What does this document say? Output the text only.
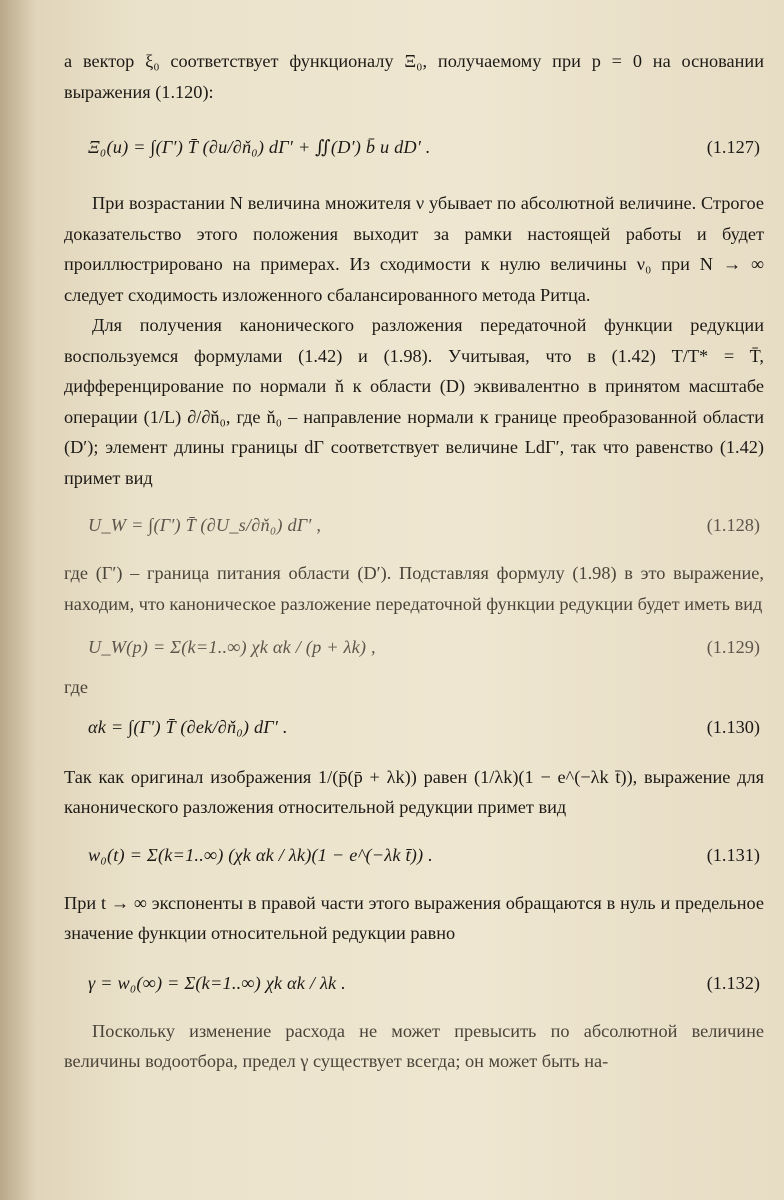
а вектор ξ₀ соответствует функционалу Ξ₀, получаемому при p = 0 на основании выражения (1.120):

Ξ₀(u) = ∫(Γ′) T̄ (∂u/∂ň₀) dΓ′ + ∬(D′) b̄ u dD′ .	(1.127)

При возрастании N величина множителя ν убывает по абсолютной величине. Строгое доказательство этого положения выходит за рамки настоящей работы и будет проиллюстрировано на примерах. Из сходимости к нулю величины ν₀ при N → ∞ следует сходимость изложенного сбалансированного метода Ритца.

Для получения канонического разложения передаточной функции редукции воспользуемся формулами (1.42) и (1.98). Учитывая, что в (1.42) T/T* = T̄, дифференцирование по нормали ň к области (D) эквивалентно в принятом масштабе операции (1/L) ∂/∂ň₀, где ň₀ – направление нормали к границе преобразованной области (D′); элемент длины границы dΓ соответствует величине LdΓ′, так что равенство (1.42) примет вид

U_W = ∫(Γ′) T̄ (∂U_s/∂ň₀) dΓ′ ,	(1.128)

где (Γ′) – граница питания области (D′). Подставляя формулу (1.98) в это выражение, находим, что каноническое разложение передаточной функции редукции будет иметь вид

U_W(p) = Σ(k=1..∞) χk αk / (p + λk) ,	(1.129)

где

αk = ∫(Γ′) T̄ (∂ek/∂ň₀) dΓ′ .	(1.130)

Так как оригинал изображения 1/(p̄(p̄ + λk)) равен (1/λk)(1 − e^(−λk t̄)), выражение для канонического разложения относительной редукции примет вид

w₀(t) = Σ(k=1..∞) (χk αk / λk)(1 − e^(−λk t̄)) .	(1.131)

При t → ∞ экспоненты в правой части этого выражения обращаются в нуль и предельное значение функции относительной редукции равно

γ = w₀(∞) = Σ(k=1..∞) χk αk / λk .	(1.132)

Поскольку изменение расхода не может превысить по абсолютной величине величины водоотбора, предел γ существует всегда; он может быть на-
